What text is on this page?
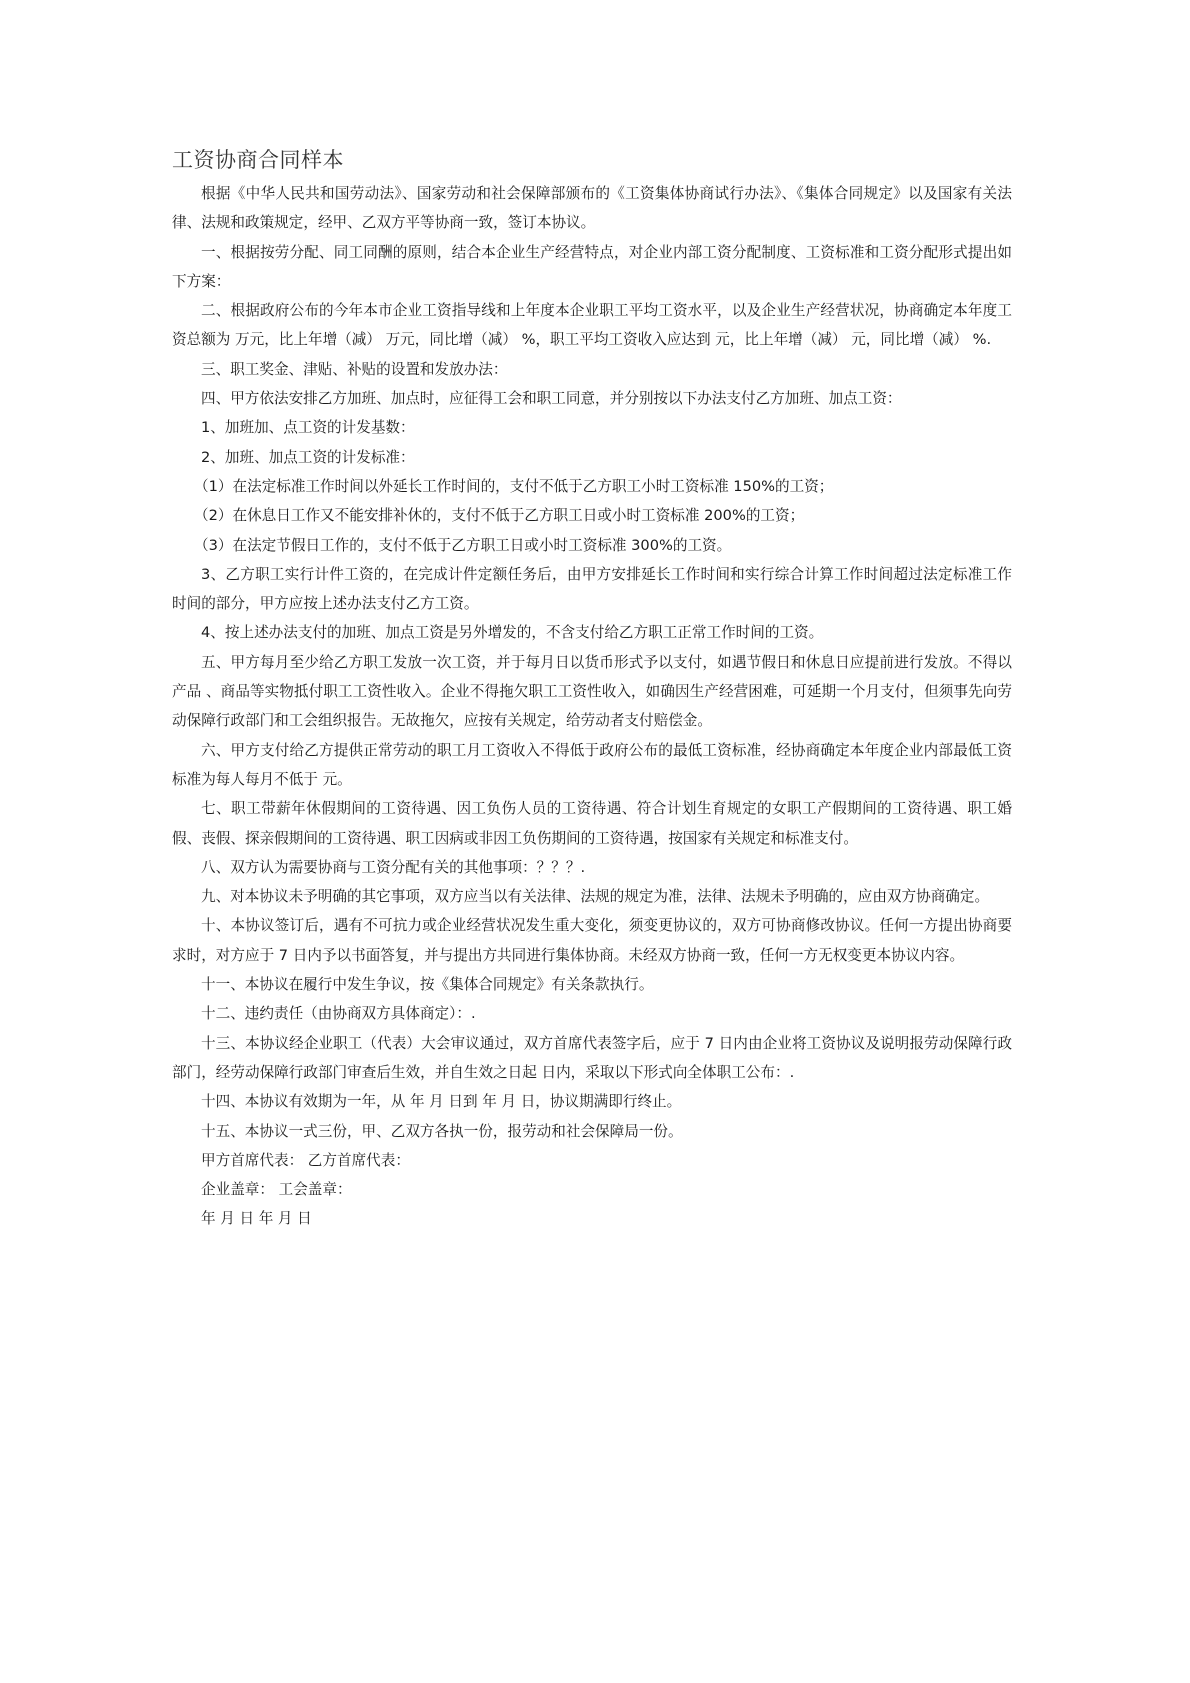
工资协商合同样本

根据《中华人民共和国劳动法》、国家劳动和社会保障部颁布的《工资集体协商试行办法》、《集体合同规定》以及国家有关法律、法规和政策规定，经甲、乙双方平等协商一致，签订本协议。

一、根据按劳分配、同工同酬的原则，结合本企业生产经营特点，对企业内部工资分配制度、工资标准和工资分配形式提出如下方案：

二、根据政府公布的今年本市企业工资指导线和上年度本企业职工平均工资水平，以及企业生产经营状况，协商确定本年度工资总额为 万元，比上年增（减） 万元，同比增（减） %，职工平均工资收入应达到 元，比上年增（减） 元，同比增（减） %.

三、职工奖金、津贴、补贴的设置和发放办法：

四、甲方依法安排乙方加班、加点时，应征得工会和职工同意，并分别按以下办法支付乙方加班、加点工资：

1、加班加、点工资的计发基数：

2、加班、加点工资的计发标准：

（1）在法定标准工作时间以外延长工作时间的，支付不低于乙方职工小时工资标准 150%的工资；

（2）在休息日工作又不能安排补休的，支付不低于乙方职工日或小时工资标准 200%的工资；

（3）在法定节假日工作的，支付不低于乙方职工日或小时工资标准 300%的工资。

3、乙方职工实行计件工资的，在完成计件定额任务后，由甲方安排延长工作时间和实行综合计算工作时间超过法定标准工作时间的部分，甲方应按上述办法支付乙方工资。

4、按上述办法支付的加班、加点工资是另外增发的，不含支付给乙方职工正常工作时间的工资。

五、甲方每月至少给乙方职工发放一次工资，并于每月日以货币形式予以支付，如遇节假日和休息日应提前进行发放。不得以产品 、商品等实物抵付职工工资性收入。企业不得拖欠职工工资性收入，如确因生产经营困难，可延期一个月支付，但须事先向劳动保障行政部门和工会组织报告。无故拖欠，应按有关规定，给劳动者支付赔偿金。

六、甲方支付给乙方提供正常劳动的职工月工资收入不得低于政府公布的最低工资标准，经协商确定本年度企业内部最低工资标准为每人每月不低于 元。

七、职工带薪年休假期间的工资待遇、因工负伤人员的工资待遇、符合计划生育规定的女职工产假期间的工资待遇、职工婚假、丧假、探亲假期间的工资待遇、职工因病或非因工负伤期间的工资待遇，按国家有关规定和标准支付。

八、双方认为需要协商与工资分配有关的其他事项：？？？.

九、对本协议未予明确的其它事项，双方应当以有关法律、法规的规定为准，法律、法规未予明确的，应由双方协商确定。

十、本协议签订后，遇有不可抗力或企业经营状况发生重大变化，须变更协议的，双方可协商修改协议。任何一方提出协商要求时，对方应于 7 日内予以书面答复，并与提出方共同进行集体协商。未经双方协商一致，任何一方无权变更本协议内容。

十一、本协议在履行中发生争议，按《集体合同规定》有关条款执行。

十二、违约责任（由协商双方具体商定）：.

十三、本协议经企业职工（代表）大会审议通过，双方首席代表签字后，应于 7 日内由企业将工资协议及说明报劳动保障行政部门，经劳动保障行政部门审查后生效，并自生效之日起 日内，采取以下形式向全体职工公布：.

十四、本协议有效期为一年，从 年 月 日到 年 月 日，协议期满即行终止。

十五、本协议一式三份，甲、乙双方各执一份，报劳动和社会保障局一份。

甲方首席代表： 乙方首席代表：

企业盖章： 工会盖章：

年 月 日 年 月 日
